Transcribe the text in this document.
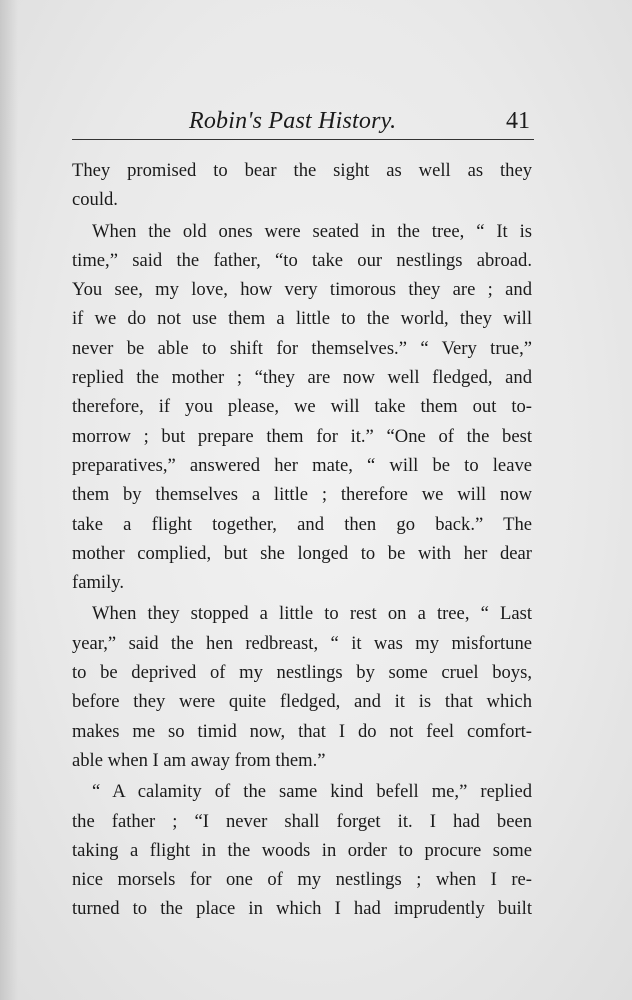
Robin's Past History.	41
They promised to bear the sight as well as they
could.
When the old ones were seated in the tree, “ It is
time,” said the father, “to take our nestlings abroad.
You see, my love, how very timorous they are ; and
if we do not use them a little to the world, they will
never be able to shift for themselves.” “ Very true,”
replied the mother ; “they are now well fledged, and
therefore, if you please, we will take them out to-
morrow ; but prepare them for it.” “One of the best
preparatives,” answered her mate, “ will be to leave
them by themselves a little ; therefore we will now
take a flight together, and then go back.” The
mother complied, but she longed to be with her dear
family.
When they stopped a little to rest on a tree, “ Last
year,” said the hen redbreast, “ it was my misfortune
to be deprived of my nestlings by some cruel boys,
before they were quite fledged, and it is that which
makes me so timid now, that I do not feel comfort-
able when I am away from them.”
“ A calamity of the same kind befell me,” replied
the father ; “I never shall forget it. I had been
taking a flight in the woods in order to procure some
nice morsels for one of my nestlings ; when I re-
turned to the place in which I had imprudently built
